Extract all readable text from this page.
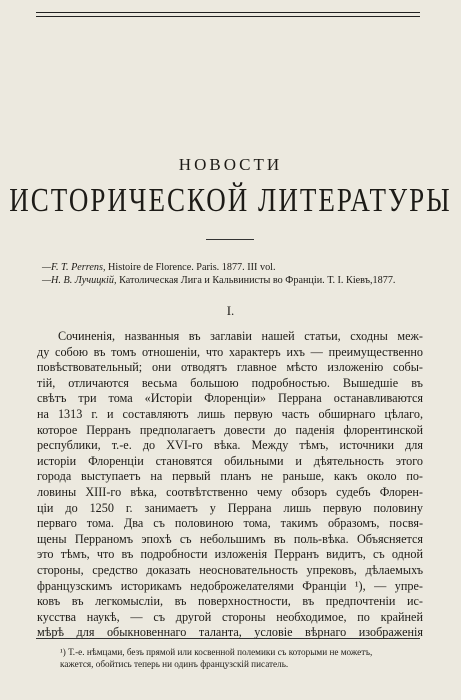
НОВОСТИ
ИСТОРИЧЕСКОЙ ЛИТЕРАТУРЫ
—F. T. Perrens, Histoire de Florence. Paris. 1877. III vol.
—Н. В. Лучицкій, Католическая Лига и Кальвинисты во Франціи. Т. I. Кіевъ,1877.
I.
Сочиненія, названныя въ заглавіи нашей статьи, сходны меж-
ду собою въ томъ отношеніи, что характеръ ихъ — преимущественно
повѣствовательный; они отводятъ главное мѣсто изложенію собы-
тій, отличаются весьма большою подробностью. Вышедшіе въ
свѣтъ три тома «Исторіи Флоренціи» Перрана останавливаются
на 1313 г. и составляютъ лишь первую часть обширнаго цѣлаго,
которое Перранъ предполагаетъ довести до паденія флорентинской
республики, т.-е. до XVI-го вѣка. Между тѣмъ, источники для
исторіи Флоренціи становятся обильными и дѣятельность этого
города выступаетъ на первый планъ не раньше, какъ около по-
ловины XIII-го вѣка, соотвѣтственно чему обзоръ судебъ Флорен-
ціи до 1250 г. занимаетъ у Перрана лишь первую половину
перваго тома. Два съ половиною тома, такимъ образомъ, посвя-
щены Перраномъ эпохѣ съ небольшимъ въ поль-вѣка. Объясняется
это тѣмъ, что въ подробности изложенія Перранъ видитъ, съ одной
стороны, средство доказать неосновательность упрековъ, дѣлаемыхъ
французскимъ историкамъ недоброжелателями Франціи ¹), — упре-
ковъ въ легкомысліи, въ поверхностности, въ предпочтеніи ис-
кусства наукѣ, — съ другой стороны необходимое, по крайней
мѣрѣ для обыкновеннаго таланта, условіе вѣрнаго изображенія
¹) Т.-е. нѣмцами, безъ прямой или косвенной полемики съ которыми не можетъ,
кажется, обойтись теперь ни одинъ французскій писатель.
